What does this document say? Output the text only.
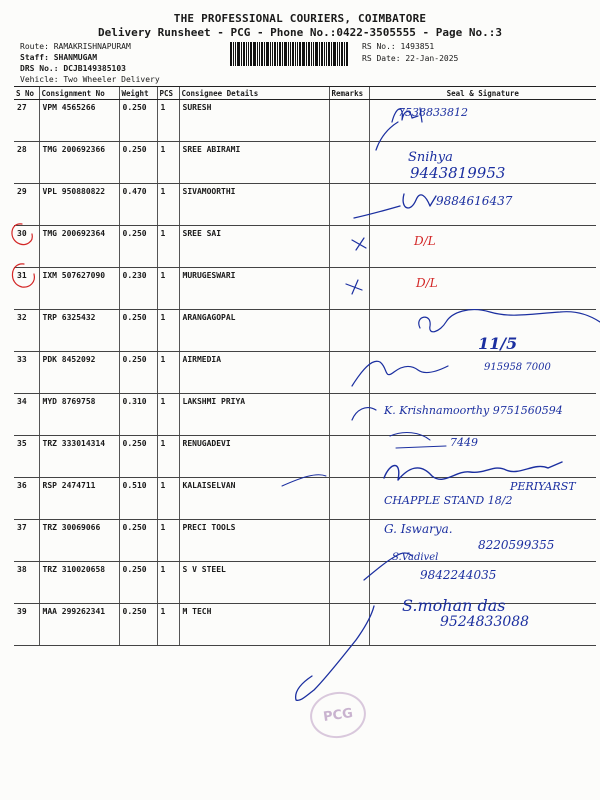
THE PROFESSIONAL COURIERS, COIMBATORE
Delivery Runsheet - PCG - Phone No.:0422-3505555 - Page No.:3
Route: RAMAKRISHNAPURAM
Staff: SHANMUGAM
DRS No.: DCJB149385103
Vehicle: Two Wheeler Delivery
RS No.: 1493851
RS Date: 22-Jan-2025
S No	Consignment No	Weight	PCS	Consignee Details	Remarks	Seal & Signature
27	VPM 4565266	0.250	1	SURESH		
28	TMG 200692366	0.250	1	SREE ABIRAMI		
29	VPL 950880822	0.470	1	SIVAMOORTHI		
30	TMG 200692364	0.250	1	SREE SAI		
31	IXM 507627090	0.230	1	MURUGESWARI		
32	TRP 6325432	0.250	1	ARANGAGOPAL		
33	PDK 8452092	0.250	1	AIRMEDIA		
34	MYD 8769758	0.310	1	LAKSHMI PRIYA		
35	TRZ 333014314	0.250	1	RENUGADEVI		
36	RSP 2474711	0.510	1	KALAISELVAN		
37	TRZ 30069066	0.250	1	PRECI TOOLS		
38	TRZ 310020658	0.250	1	S V STEEL		
39	MAA 299262341	0.250	1	M TECH		
7538833812
Snihya
9443819953
9884616437
D/L
D/L
11/5
915958 7000
K. Krishnamoorthy 9751560594
7449
PERIYARST
CHAPPLE STAND 18/2
G. Iswarya.
8220599355
S.Vadivel
9842244035
S.mohan das
9524833088
PCG
